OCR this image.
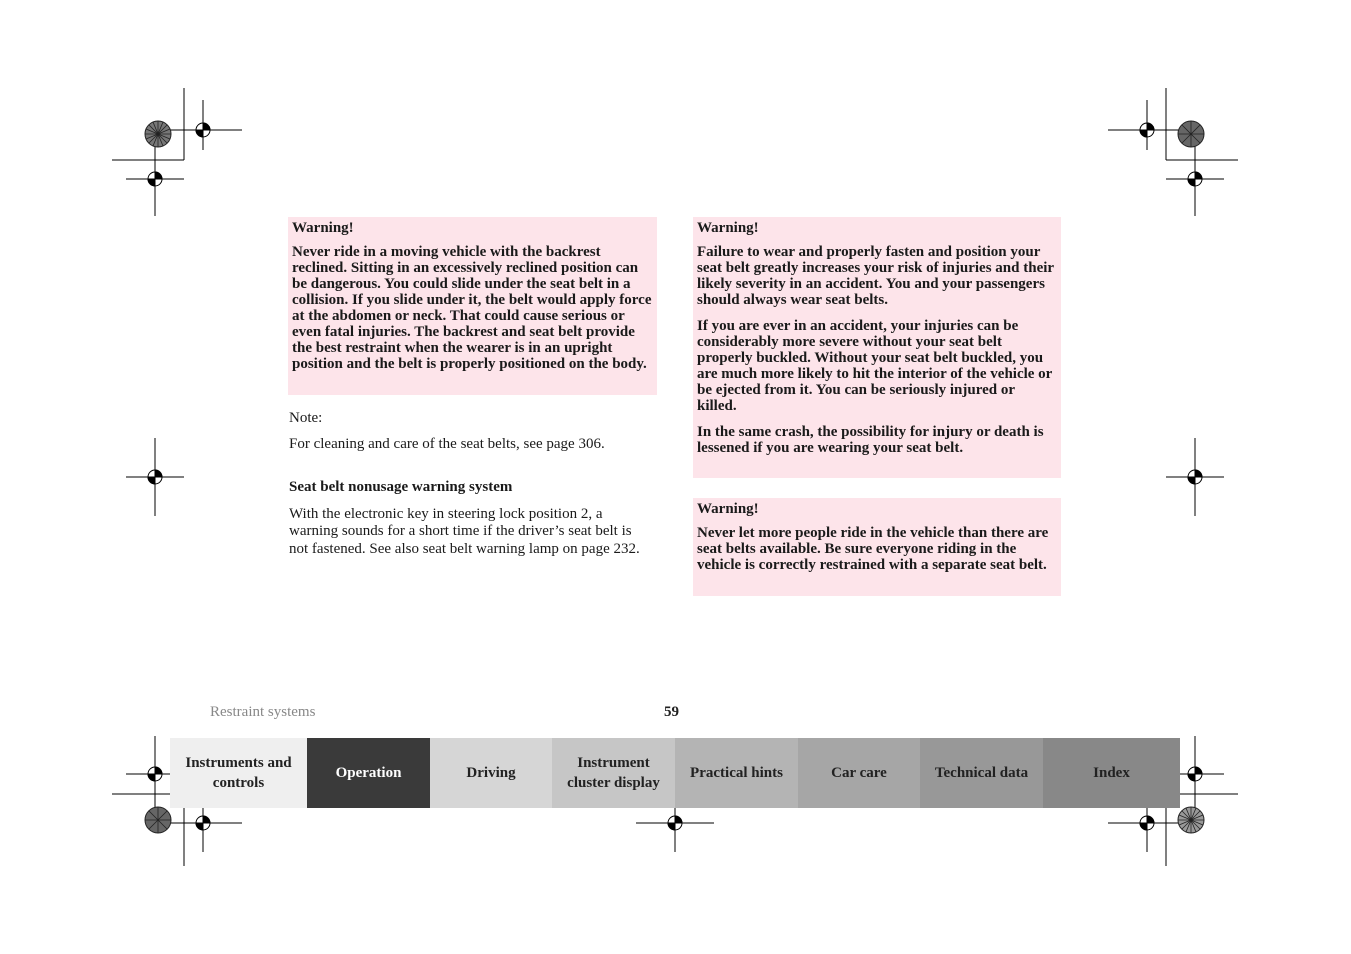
Warning!

Never ride in a moving vehicle with the backrest reclined. Sitting in an excessively reclined position can be dangerous. You could slide under the seat belt in a collision. If you slide under it, the belt would apply force at the abdomen or neck. That could cause serious or even fatal injuries. The backrest and seat belt provide the best restraint when the wearer is in an upright position and the belt is properly positioned on the body.

Note:
For cleaning and care of the seat belts, see page 306.
Seat belt nonusage warning system
With the electronic key in steering lock position 2, a warning sounds for a short time if the driver’s seat belt is not fastened. See also seat belt warning lamp on page 232.
Warning!

Failure to wear and properly fasten and position your seat belt greatly increases your risk of injuries and their likely severity in an accident. You and your passengers should always wear seat belts.

If you are ever in an accident, your injuries can be considerably more severe without your seat belt properly buckled. Without your seat belt buckled, you are much more likely to hit the interior of the vehicle or be ejected from it. You can be seriously injured or killed.

In the same crash, the possibility for injury or death is lessened if you are wearing your seat belt.

Warning!

Never let more people ride in the vehicle than there are seat belts available. Be sure everyone riding in the vehicle is correctly restrained with a separate seat belt.

Restraint systems	59
Instruments and controls
Operation	Driving
Instrument cluster display
Practical hints	Car care	Technical data	Index
